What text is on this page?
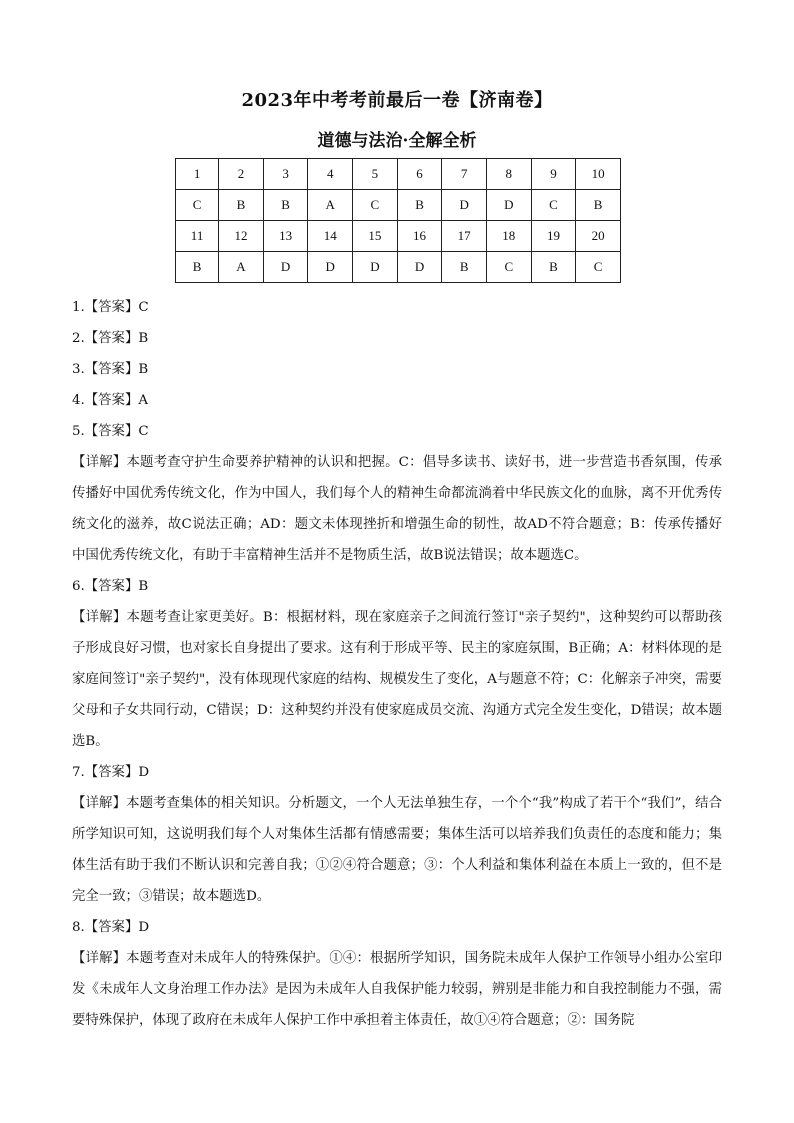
2023年中考考前最后一卷【济南卷】
道德与法治·全解全析
1	2	3	4	5	6	7	8	9	10
C	B	B	A	C	B	D	D	C	B
11	12	13	14	15	16	17	18	19	20
B	A	D	D	D	D	B	C	B	C
1.【答案】C
2.【答案】B
3.【答案】B
4.【答案】A
5.【答案】C
【详解】本题考查守护生命要养护精神的认识和把握。C：倡导多读书、读好书，进一步营造书香氛围，传承传播好中国优秀传统文化，作为中国人，我们每个人的精神生命都流淌着中华民族文化的血脉，离不开优秀传统文化的滋养，故C说法正确；AD：题文未体现挫折和增强生命的韧性，故AD不符合题意；B：传承传播好中国优秀传统文化，有助于丰富精神生活并不是物质生活，故B说法错误；故本题选C。
6.【答案】B
【详解】本题考查让家更美好。B：根据材料，现在家庭亲子之间流行签订"亲子契约"，这种契约可以帮助孩子形成良好习惯，也对家长自身提出了要求。这有利于形成平等、民主的家庭氛围，B正确；A：材料体现的是家庭间签订"亲子契约"，没有体现现代家庭的结构、规模发生了变化，A与题意不符；C：化解亲子冲突，需要父母和子女共同行动，C错误；D：这种契约并没有使家庭成员交流、沟通方式完全发生变化，D错误；故本题选B。
7.【答案】D
【详解】本题考查集体的相关知识。分析题文，一个人无法单独生存，一个个“我”构成了若干个“我们”，结合所学知识可知，这说明我们每个人对集体生活都有情感需要；集体生活可以培养我们负责任的态度和能力；集体生活有助于我们不断认识和完善自我；①②④符合题意；③：个人利益和集体利益在本质上一致的，但不是完全一致；③错误；故本题选D。
8.【答案】D
【详解】本题考查对未成年人的特殊保护。①④：根据所学知识，国务院未成年人保护工作领导小组办公室印发《未成年人文身治理工作办法》是因为未成年人自我保护能力较弱，辨别是非能力和自我控制能力不强，需要特殊保护，体现了政府在未成年人保护工作中承担着主体责任，故①④符合题意；②：国务院
